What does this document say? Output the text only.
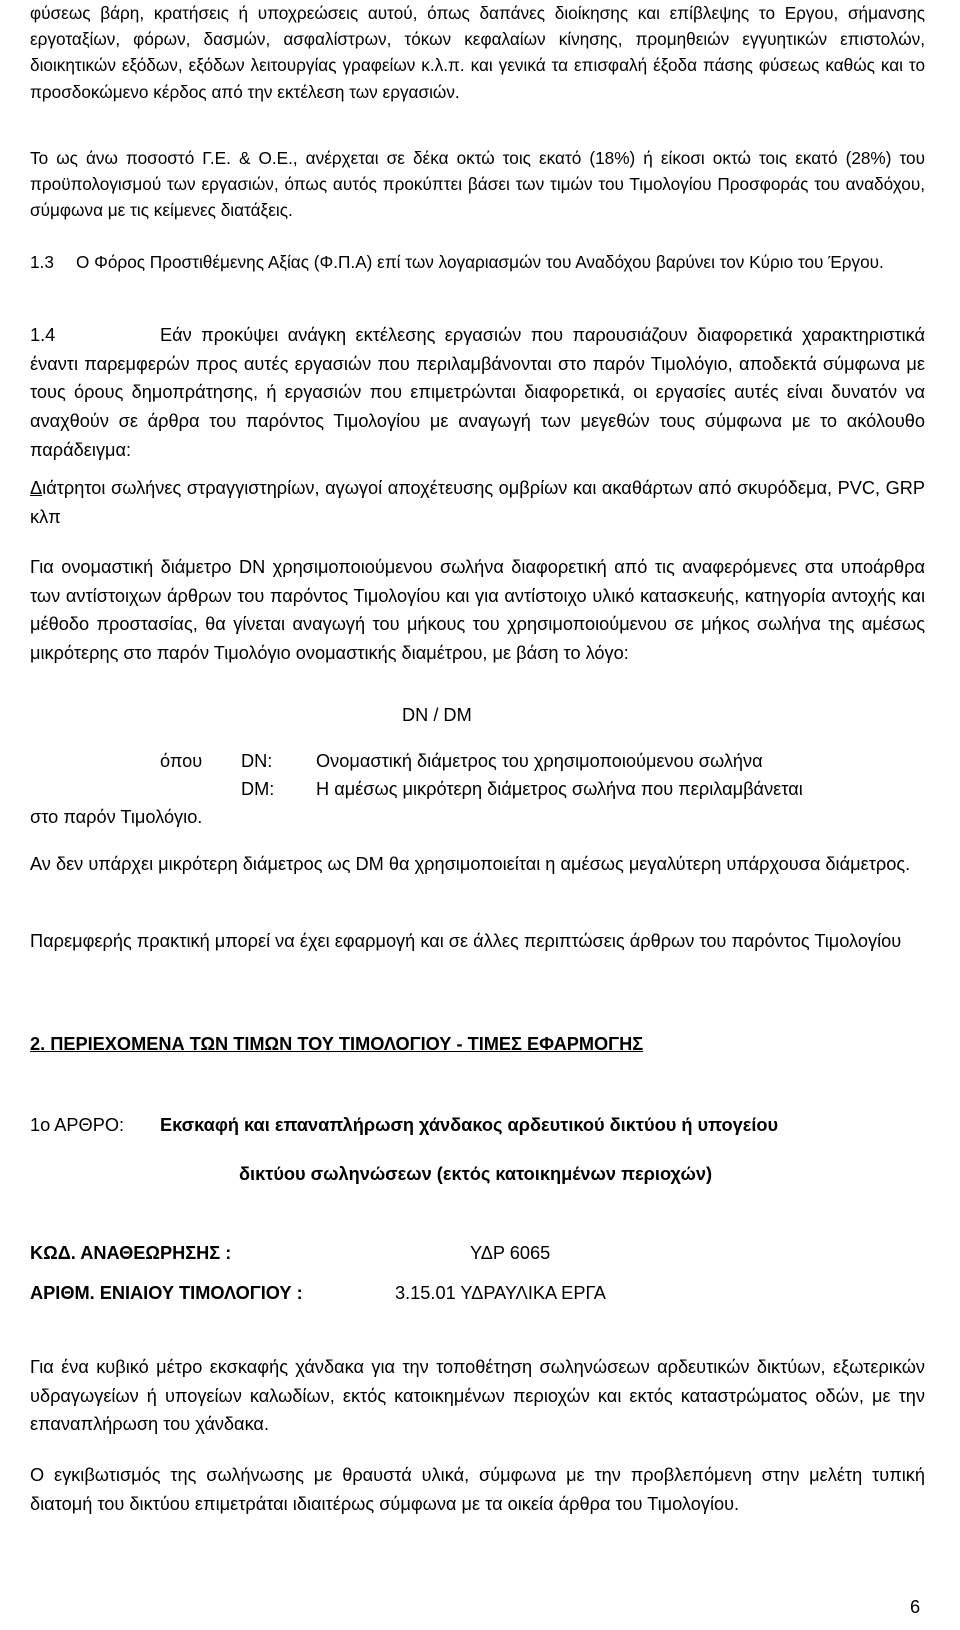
φύσεως βάρη, κρατήσεις ή υποχρεώσεις αυτού, όπως δαπάνες διοίκησης και επίβλεψης το Εργου, σήμανσης εργοταξίων, φόρων, δασμών, ασφαλίστρων, τόκων κεφαλαίων κίνησης, προμηθειών εγγυητικών επιστολών, διοικητικών εξόδων, εξόδων λειτουργίας γραφείων κ.λ.π. και γενικά τα επισφαλή έξοδα πάσης φύσεως καθώς και το προσδοκώμενο κέρδος από την εκτέλεση των εργασιών.

Το ως άνω ποσοστό Γ.Ε. & Ο.Ε., ανέρχεται σε δέκα οκτώ τοις εκατό (18%) ή είκοσι οκτώ τοις εκατό (28%) του προϋπολογισμού των εργασιών, όπως αυτός προκύπτει βάσει των τιμών του Τιμολογίου Προσφοράς του αναδόχου, σύμφωνα με τις κείμενες διατάξεις.

1.3 Ο Φόρος Προστιθέμενης Αξίας (Φ.Π.Α) επί των λογαριασμών του Αναδόχου βαρύνει τον Κύριο του Έργου.

1.4	Εάν προκύψει ανάγκη εκτέλεσης εργασιών που παρουσιάζουν διαφορετικά χαρακτηριστικά έναντι παρεμφερών προς αυτές εργασιών που περιλαμβάνονται στο παρόν Τιμολόγιο, αποδεκτά σύμφωνα με τους όρους δημοπράτησης, ή εργασιών που επιμετρώνται διαφορετικά, οι εργασίες αυτές είναι δυνατόν να αναχθούν σε άρθρα του παρόντος Τιμολογίου με αναγωγή των μεγεθών τους σύμφωνα με το ακόλουθο παράδειγμα:

Διάτρητοι σωλήνες στραγγιστηρίων, αγωγοί αποχέτευσης ομβρίων και ακαθάρτων από σκυρόδεμα, PVC, GRP κλπ

Για ονομαστική διάμετρο DN χρησιμοποιούμενου σωλήνα διαφορετική από τις αναφερόμενες στα υποάρθρα των αντίστοιχων άρθρων του παρόντος Τιμολογίου και για αντίστοιχο υλικό κατασκευής, κατηγορία αντοχής και μέθοδο προστασίας, θα γίνεται αναγωγή του μήκους του χρησιμοποιούμενου σε μήκος σωλήνα της αμέσως μικρότερης στο παρόν Τιμολόγιο ονομαστικής διαμέτρου, με βάση το λόγο:

DN / DM
όπου DN: Ονομαστική διάμετρος του χρησιμοποιούμενου σωλήνα
DM: Η αμέσως μικρότερη διάμετρος σωλήνα που περιλαμβάνεται
στο παρόν Τιμολόγιο.

Αν δεν υπάρχει μικρότερη διάμετρος ως DM θα χρησιμοποιείται η αμέσως μεγαλύτερη υπάρχουσα διάμετρος.

Παρεμφερής πρακτική μπορεί να έχει εφαρμογή και σε άλλες περιπτώσεις άρθρων του παρόντος Τιμολογίου

2. ΠΕΡΙΕΧΟΜΕΝΑ ΤΩΝ ΤΙΜΩΝ ΤΟΥ ΤΙΜΟΛΟΓΙΟΥ - ΤΙΜΕΣ ΕΦΑΡΜΟΓΗΣ
1ο ΑΡΘΡΟ: Εκσκαφή και επαναπλήρωση χάνδακος αρδευτικού δικτύου ή υπογείου
δικτύου σωληνώσεων (εκτός κατοικημένων περιοχών)
ΚΩΔ. ΑΝΑΘΕΩΡΗΣΗΣ :	ΥΔΡ 6065
ΑΡΙΘΜ. ΕΝΙΑΙΟΥ ΤΙΜΟΛΟΓΙΟΥ :	3.15.01 ΥΔΡΑΥΛΙΚΑ ΕΡΓΑ

Για ένα κυβικό μέτρο εκσκαφής χάνδακα για την τοποθέτηση σωληνώσεων αρδευτικών δικτύων, εξωτερικών υδραγωγείων ή υπογείων καλωδίων, εκτός κατοικημένων περιοχών και εκτός καταστρώματος οδών, με την επαναπλήρωση του χάνδακα.

Ο εγκιβωτισμός της σωλήνωσης με θραυστά υλικά, σύμφωνα με την προβλεπόμενη στην μελέτη τυπική διατομή του δικτύου επιμετράται ιδιαιτέρως σύμφωνα με τα οικεία άρθρα του Τιμολογίου.

6
